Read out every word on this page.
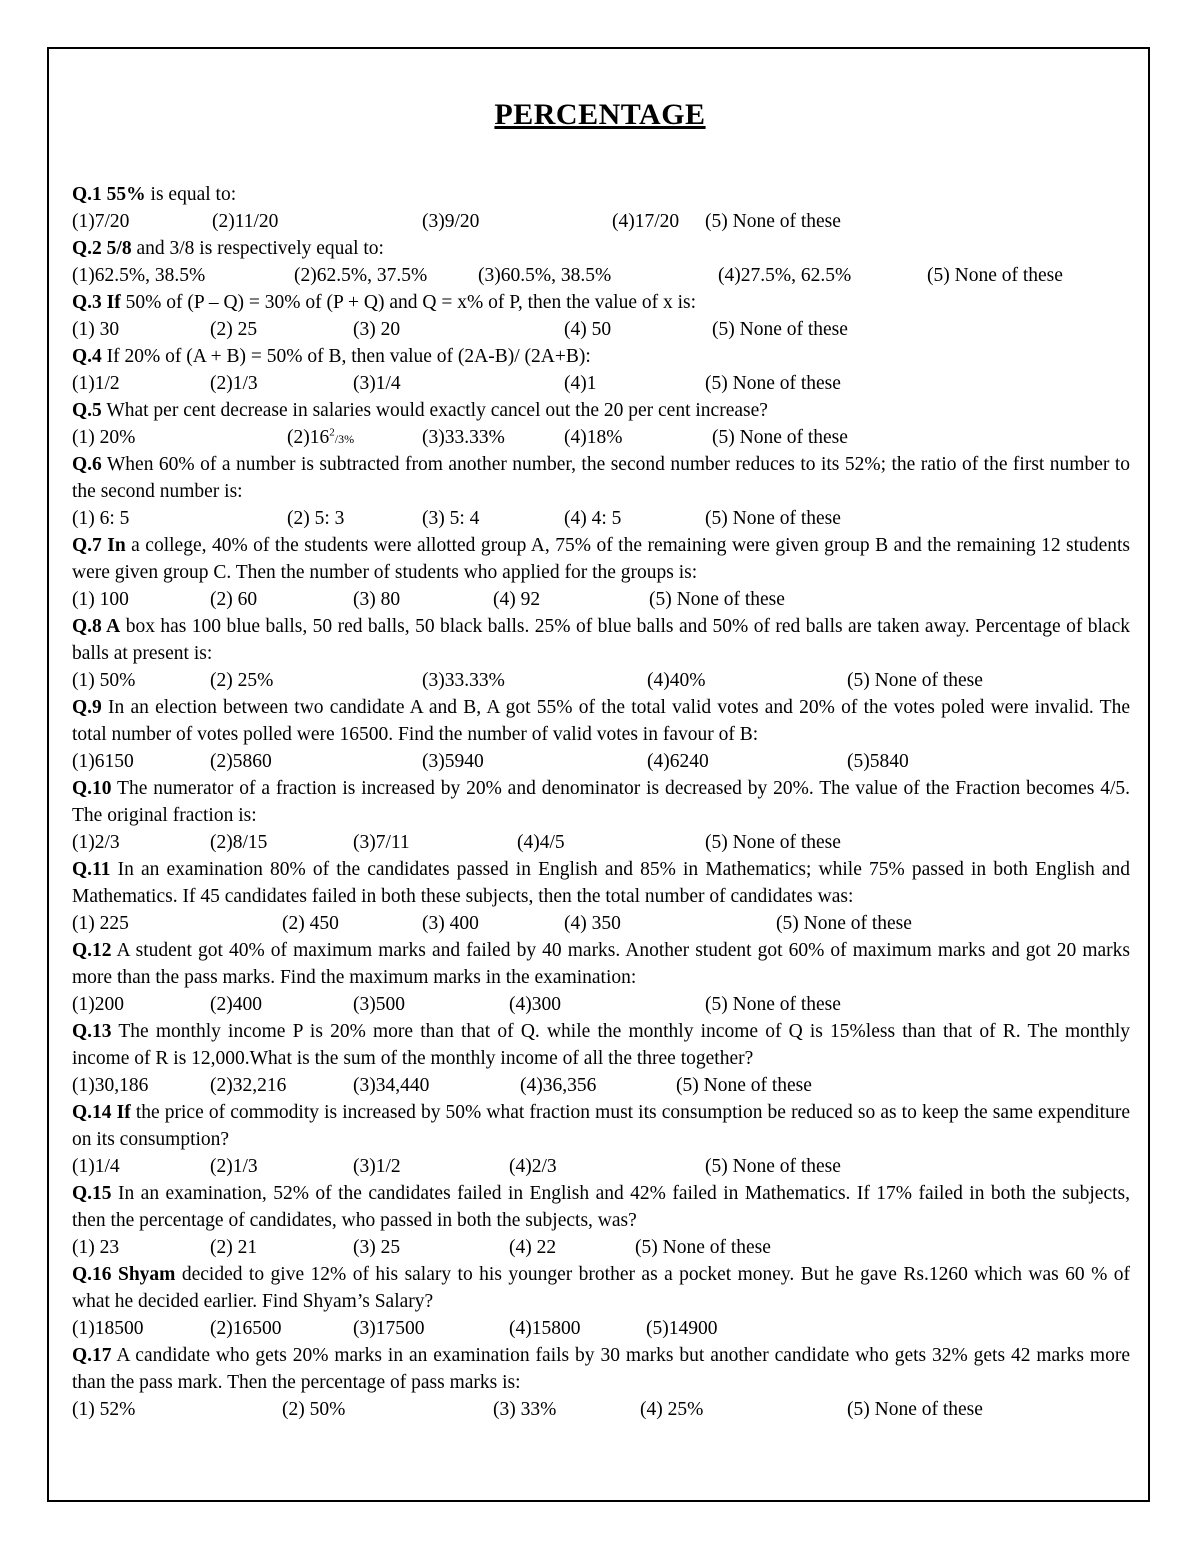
PERCENTAGE

Q.1 55% is equal to:

(1)7/20	(2)11/20	(3)9/20	(4)17/20 (5) None of these

Q.2 5/8 and 3/8 is respectively equal to:

(1)62.5%, 38.5%	(2)62.5%, 37.5%	(3)60.5%, 38.5%	(4)27.5%, 62.5%	(5) None of these

Q.3 If 50% of (P – Q) = 30% of (P + Q) and Q = x% of P, then the value of x is:

(1) 30	(2) 25	(3) 20	(4) 50	(5) None of these

Q.4 If 20% of (A + B) = 50% of B, then value of (2A-B)/ (2A+B):

(1)1/2	(2)1/3	(3)1/4	(4)1	(5) None of these

Q.5 What per cent decrease in salaries would exactly cancel out the 20 per cent increase?

(1) 20%	$(2)16^2/3\%$	(3)33.33%	(4)18%	(5) None of these

Q.6 When 60% of a number is subtracted from another number, the second number reduces to its 52%; the ratio of the first number to the second number is:

(1) 6: 5	(2) 5: 3	(3) 5: 4	(4) 4: 5	(5) None of these

Q.7 In a college, 40% of the students were allotted group A, 75% of the remaining were given group B and the remaining 12 students were given group C. Then the number of students who applied for the groups is:

(1) 100	(2) 60	(3) 80	(4) 92	(5) None of these

Q.8 A box has 100 blue balls, 50 red balls, 50 black balls. 25% of blue balls and 50% of red balls are taken away. Percentage of black balls at present is:

(1) 50%	(2) 25%	(3)33.33%	(4)40%	(5) None of these

Q.9 In an election between two candidate A and B, A got 55% of the total valid votes and 20% of the votes poled were invalid. The total number of votes polled were 16500. Find the number of valid votes in favour of B:

(1)6150	(2)5860	(3)5940	(4)6240	(5)5840

Q.10 The numerator of a fraction is increased by 20% and denominator is decreased by 20%. The value of the Fraction becomes 4/5. The original fraction is:

(1)2/3	(2)8/15	(3)7/11	(4)4/5	(5) None of these

Q.11 In an examination 80% of the candidates passed in English and 85% in Mathematics; while 75% passed in both English and Mathematics. If 45 candidates failed in both these subjects, then the total number of candidates was:

(1) 225	(2) 450	(3) 400	(4) 350	(5) None of these

Q.12 A student got 40% of maximum marks and failed by 40 marks. Another student got 60% of maximum marks and got 20 marks more than the pass marks. Find the maximum marks in the examination:

(1)200	(2)400	(3)500	(4)300	(5) None of these

Q.13 The monthly income P is 20% more than that of Q. while the monthly income of Q is 15%less than that of R. The monthly income of R is 12,000.What is the sum of the monthly income of all the three together?

(1)30,186	(2)32,216	(3)34,440	(4)36,356	(5) None of these

Q.14 If the price of commodity is increased by 50% what fraction must its consumption be reduced so as to keep the same expenditure on its consumption?

(1)1/4	(2)1/3	(3)1/2	(4)2/3	(5) None of these

Q.15 In an examination, 52% of the candidates failed in English and 42% failed in Mathematics. If 17% failed in both the subjects, then the percentage of candidates, who passed in both the subjects, was?

(1) 23	(2) 21	(3) 25	(4) 22	(5) None of these

Q.16 Shyam decided to give 12% of his salary to his younger brother as a pocket money. But he gave Rs.1260 which was 60 % of what he decided earlier. Find Shyam’s Salary?

(1)18500	(2)16500	(3)17500	(4)15800	(5)14900

Q.17 A candidate who gets 20% marks in an examination fails by 30 marks but another candidate who gets 32% gets 42 marks more than the pass mark. Then the percentage of pass marks is:

(1) 52%	(2) 50%	(3) 33%	(4) 25%	(5) None of these
